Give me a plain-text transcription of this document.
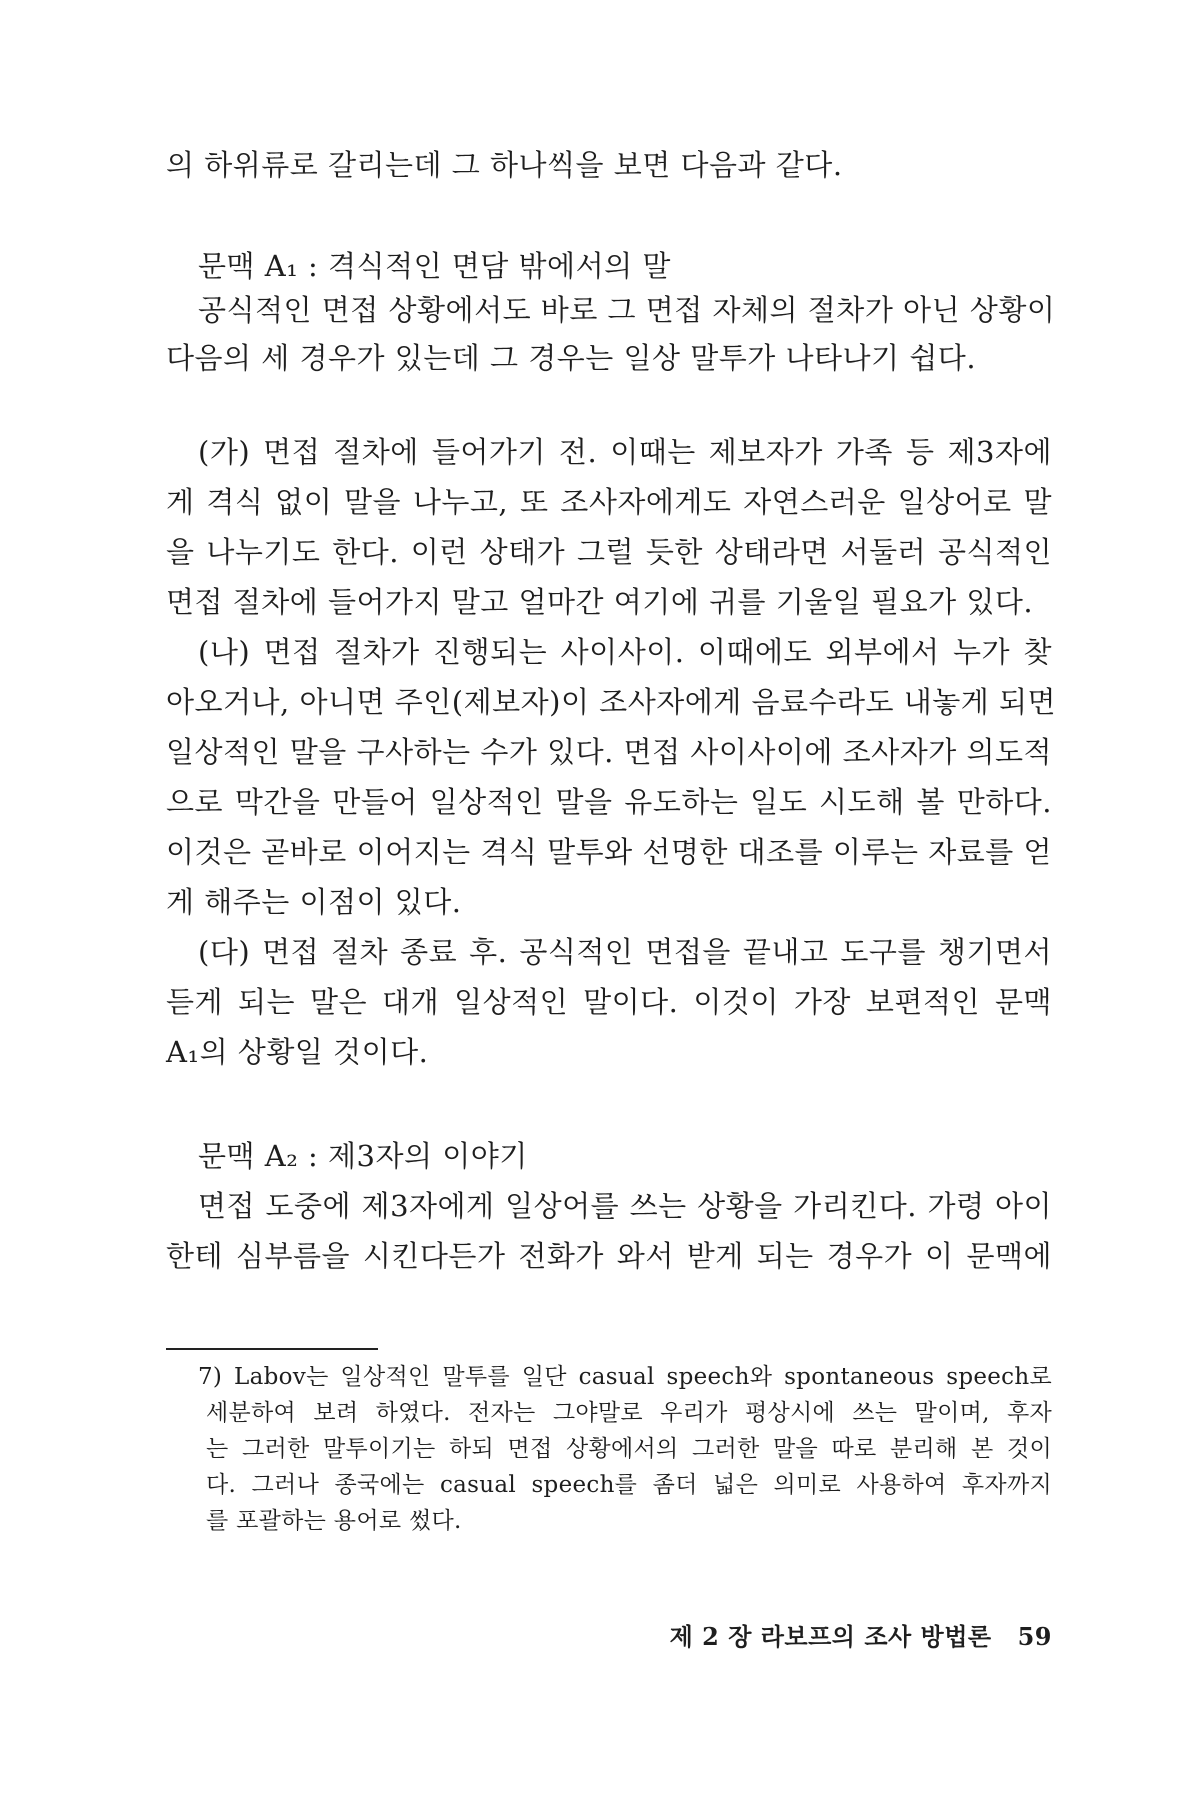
의 하위류로 갈리는데 그 하나씩을 보면 다음과 같다.
문맥 A₁ : 격식적인 면담 밖에서의 말
공식적인 면접 상황에서도 바로 그 면접 자체의 절차가 아닌 상황이
다음의 세 경우가 있는데 그 경우는 일상 말투가 나타나기 쉽다.
(가) 면접 절차에 들어가기 전. 이때는 제보자가 가족 등 제3자에
게 격식 없이 말을 나누고, 또 조사자에게도 자연스러운 일상어로 말
을 나누기도 한다. 이런 상태가 그럴 듯한 상태라면 서둘러 공식적인
면접 절차에 들어가지 말고 얼마간 여기에 귀를 기울일 필요가 있다.
(나) 면접 절차가 진행되는 사이사이. 이때에도 외부에서 누가 찾
아오거나, 아니면 주인(제보자)이 조사자에게 음료수라도 내놓게 되면
일상적인 말을 구사하는 수가 있다. 면접 사이사이에 조사자가 의도적
으로 막간을 만들어 일상적인 말을 유도하는 일도 시도해 볼 만하다.
이것은 곧바로 이어지는 격식 말투와 선명한 대조를 이루는 자료를 얻
게 해주는 이점이 있다.
(다) 면접 절차 종료 후. 공식적인 면접을 끝내고 도구를 챙기면서
듣게 되는 말은 대개 일상적인 말이다. 이것이 가장 보편적인 문맥
A₁의 상황일 것이다.
문맥 A₂ : 제3자의 이야기
면접 도중에 제3자에게 일상어를 쓰는 상황을 가리킨다. 가령 아이
한테 심부름을 시킨다든가 전화가 와서 받게 되는 경우가 이 문맥에
7) Labov는 일상적인 말투를 일단 casual speech와 spontaneous speech로
세분하여 보려 하였다. 전자는 그야말로 우리가 평상시에 쓰는 말이며, 후자
는 그러한 말투이기는 하되 면접 상황에서의 그러한 말을 따로 분리해 본 것이
다. 그러나 종국에는 casual speech를 좀더 넓은 의미로 사용하여 후자까지
를 포괄하는 용어로 썼다.
제 2 장 라보프의 조사 방법론 59
